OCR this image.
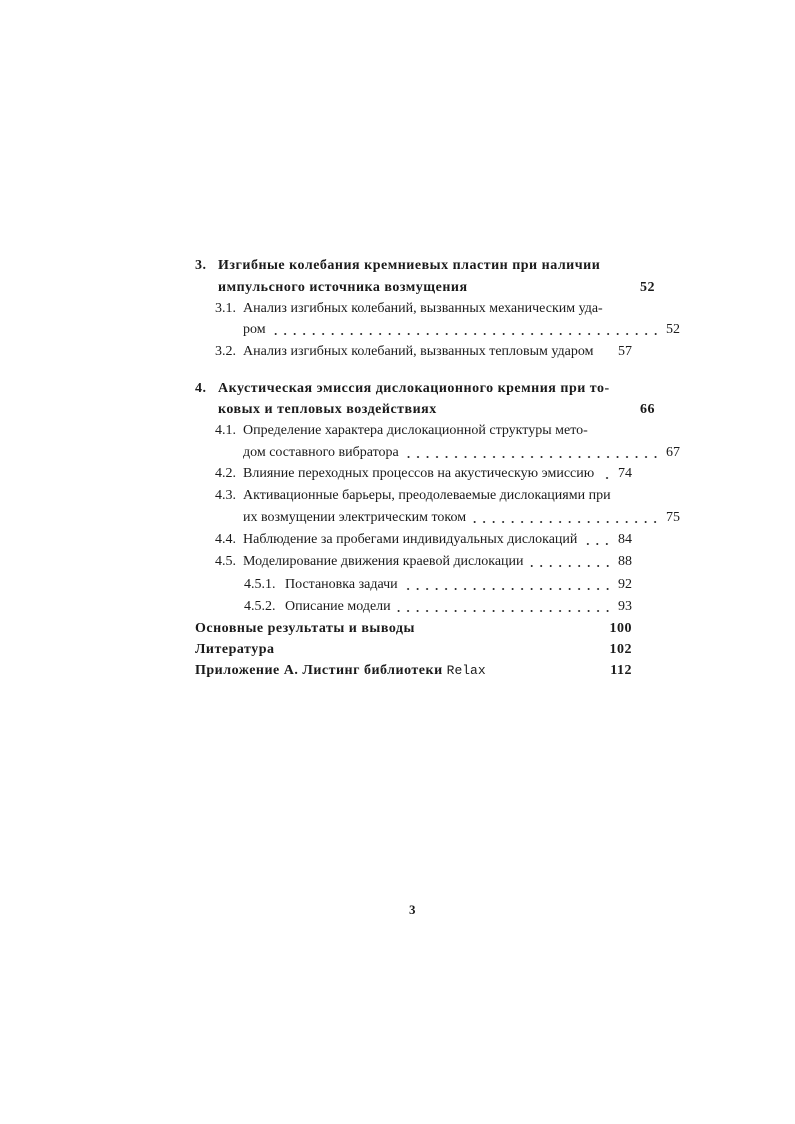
3. Изгибные колебания кремниевых пластин при наличии
импульсного источника возмущения	52
3.1. Анализ изгибных колебаний, вызванных механическим уда-
ром	52
3.2. Анализ изгибных колебаний, вызванных тепловым ударом 57
4. Акустическая эмиссия дислокационного кремния при то-
ковых и тепловых воздействиях	66
4.1. Определение характера дислокационной структуры мето-
дом составного вибратора	67
4.2. Влияние переходных процессов на акустическую эмиссию 74
4.3. Активационные барьеры, преодолеваемые дислокациями при
их возмущении электрическим током	75
4.4. Наблюдение за пробегами индивидуальных дислокаций	84
4.5. Моделирование движения краевой дислокации	88
4.5.1. Постановка задачи	92
4.5.2. Описание модели	93
Основные результаты и выводы	100
Литература	102
Приложение А. Листинг библиотеки Relax	112
3
